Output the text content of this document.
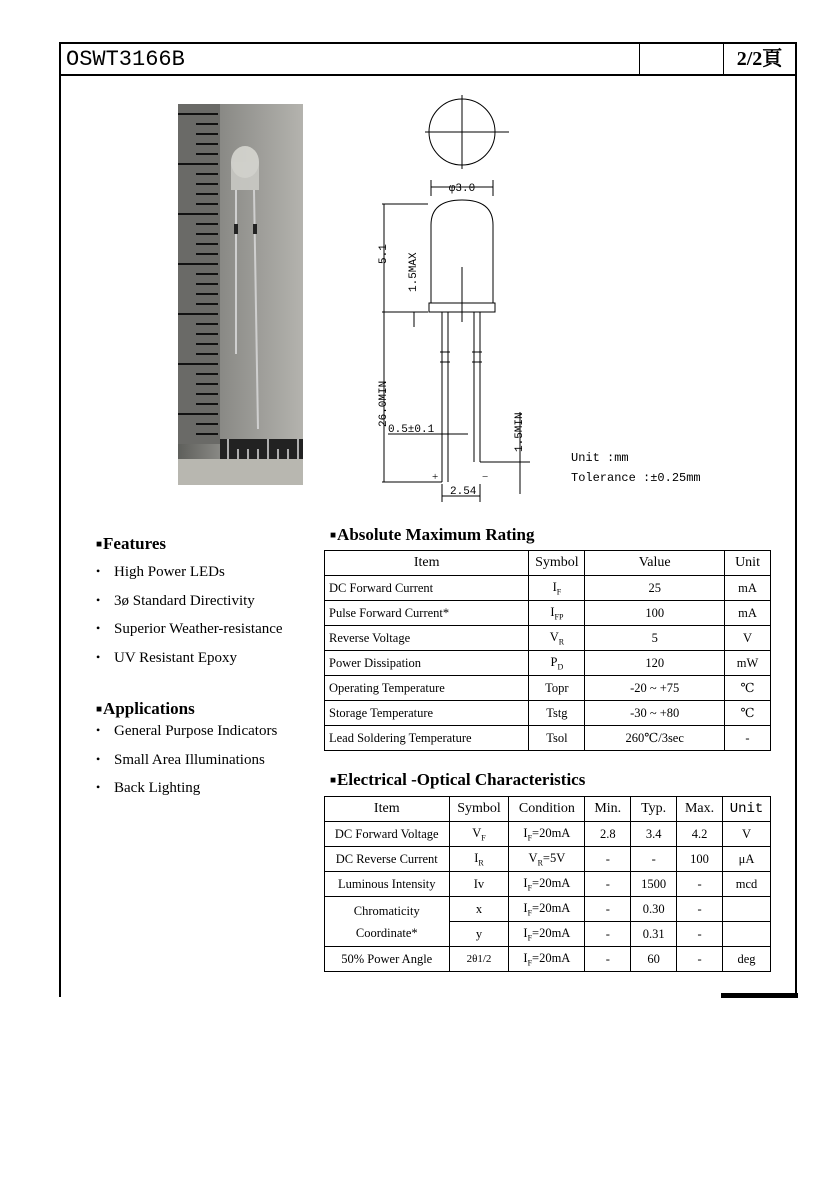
OSWT3166B	2/2頁
φ3.0
5.1 1.5MAX
26.0MIN
0.5±0.1	1.5MIN
2.54
+	−
Unit :mm
Tolerance :±0.25mm
■Features
• High Power LEDs
• 3ø Standard Directivity
• Superior Weather-resistance
• UV Resistant Epoxy
■Applications
• General Purpose Indicators
• Small Area Illuminations
• Back Lighting
■Absolute Maximum Rating
Item	Symbol	Value	Unit
DC Forward Current	$I_F$	25	mA
Pulse Forward Current*	$I_{FP}$	100	mA
Reverse Voltage	$V_R$	5	V
Power Dissipation	$P_D$	120	mW
Operating Temperature	Topr	-20 ~ +75	℃
Storage Temperature	Tstg	-30 ~ +80	℃
Lead Soldering Temperature	Tsol	260℃/3sec	-
■Electrical -Optical Characteristics
Item	Symbol	Condition	Min.	Typ.	Max.	Unit
DC Forward Voltage	$V_F$	$I_F=20mA$	2.8	3.4	4.2	V
DC Reverse Current	$I_R$	$V_R=5V$	-	-	100	μA
Luminous Intensity	Iv	$I_F=20mA$	-	1500	-	mcd
Chromaticity
Coordinate*	x	$I_F=20mA$	-	0.30	-	
	y	$I_F=20mA$	-	0.31	-	
50% Power Angle	2θ1/2	$I_F=20mA$	-	60	-	deg
